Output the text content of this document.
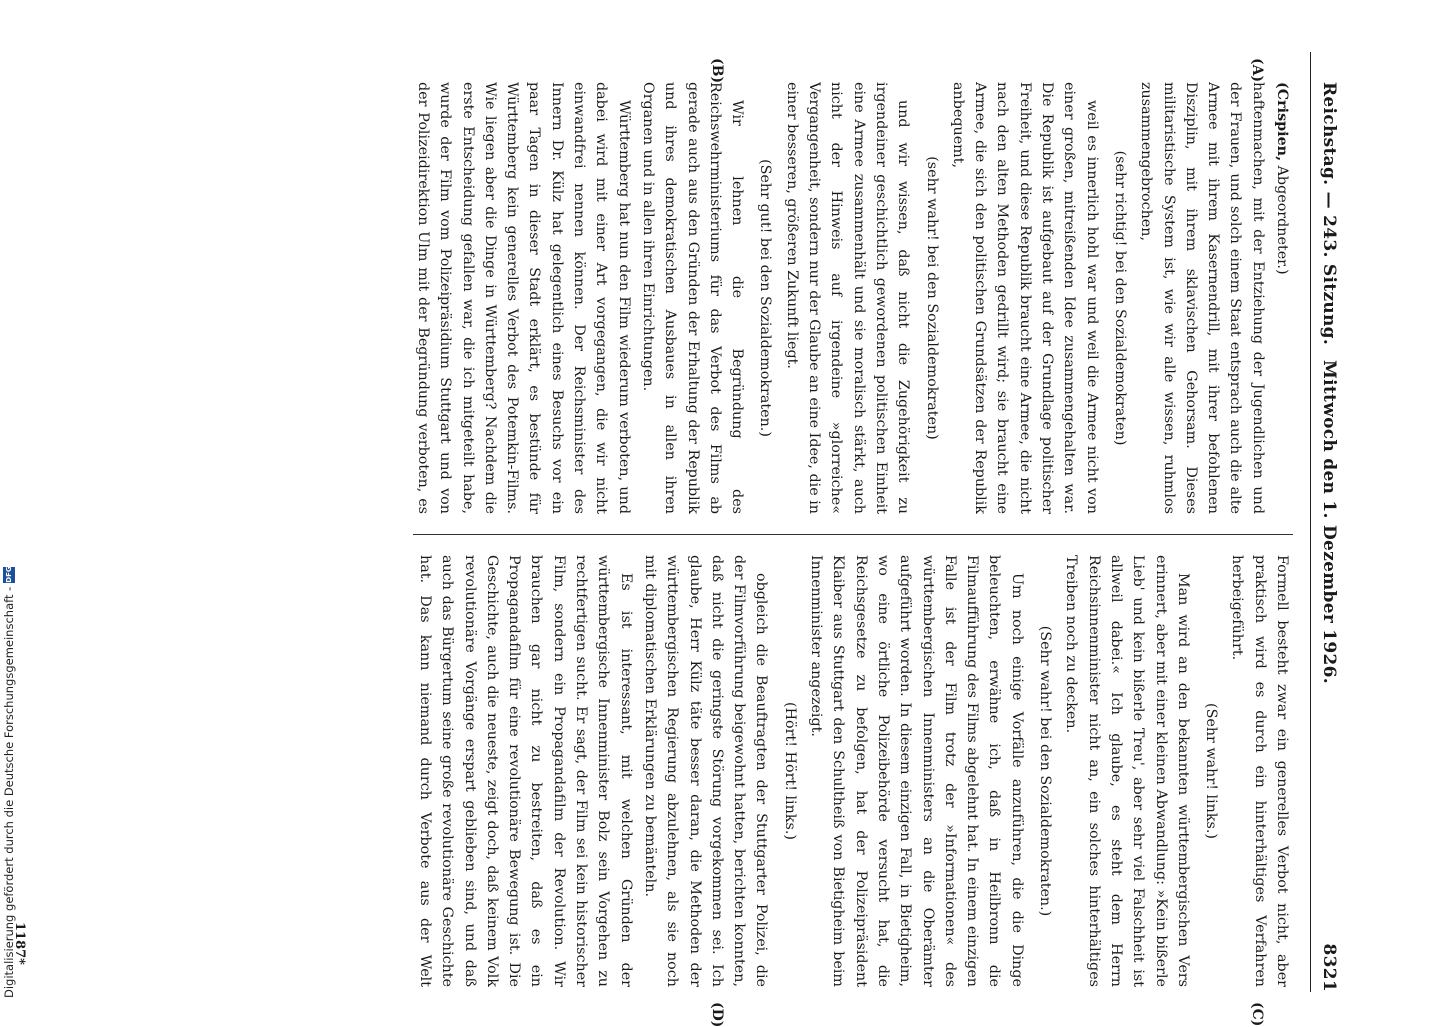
Reichstag. — 243. Sitzung.
Mittwoch den 1. Dezember 1926.
8321
(A)
(B)
(C)
(D)

(Crispien, Abgeordneter.)

haftenmachen, mit der Entziehung der Jugendlichen und der Frauen, und solch einem Staat entsprach auch die alte Armee mit ihrem Kasernendrill, mit ihrer befohlenen Disziplin, mit ihrem sklavischen Gehorsam. Dieses militaristische System ist, wie wir alle wissen, ruhmlos zusammengebrochen,

(sehr richtig! bei den Sozialdemokraten)

weil es innerlich hohl war und weil die Armee nicht von einer großen, mitreißenden Idee zusammengehalten war. Die Republik ist aufgebaut auf der Grundlage politischer Freiheit, und diese Republik braucht eine Armee, die nicht nach den alten Methoden gedrillt wird; sie braucht eine Armee, die sich den politischen Grundsätzen der Republik anbequemt,

(sehr wahr! bei den Sozialdemokraten)

und wir wissen, daß nicht die Zugehörigkeit zu irgendeiner geschichtlich gewordenen politischen Einheit eine Armee zusammenhält und sie moralisch stärkt, auch nicht der Hinweis auf irgendeine »glorreiche« Vergangenheit, sondern nur der Glaube an eine Idee, die in einer besseren, größeren Zukunft liegt.

(Sehr gut! bei den Sozialdemokraten.)

Wir lehnen die Begründung des Reichswehrministeriums für das Verbot des Films ab gerade auch aus den Gründen der Erhaltung der Republik und ihres demokratischen Ausbaues in allen ihren Organen und in allen ihren Einrichtungen.

Württemberg hat nun den Film wiederum verboten, und dabei wird mit einer Art vorgegangen, die wir nicht einwandfrei nennen können. Der Reichsminister des Innern Dr. Külz hat gelegentlich eines Besuchs vor ein paar Tagen in dieser Stadt erklärt, es bestünde für Württemberg kein generelles Verbot des Potemkin-Films. Wie liegen aber die Dinge in Württemberg? Nachdem die erste Entscheidung gefallen war, die ich mitgeteilt habe, wurde der Film vom Polizeipräsidium Stuttgart und von der Polizeidirektion Ulm mit der Begründung verboten, es

Formell besteht zwar ein generelles Verbot nicht, aber praktisch wird es durch ein hinterhältiges Verfahren herbeigeführt.

(Sehr wahr! links.)

Man wird an den bekannten württembergischen Vers erinnert, aber mit einer kleinen Abwandlung: »Kein bißerle Lieb' und kein bißerle Treu', aber sehr viel Falschheit ist allweil dabei.« Ich glaube, es steht dem Herrn Reichsinnenminister nicht an, ein solches hinterhältiges Treiben noch zu decken.

(Sehr wahr! bei den Sozialdemokraten.)

Um noch einige Vorfälle anzuführen, die die Dinge beleuchten, erwähne ich, daß in Heilbronn die Filmaufführung des Films abgelehnt hat. In einem einzigen Falle ist der Film trotz der »Informationen« des württembergischen Innenministers an die Oberämter aufgeführt worden. In diesem einzigen Fall, in Bietigheim, wo eine örtliche Polizeibehörde versucht hat, die Reichsgesetze zu befolgen, hat der Polizeipräsident Klaiber aus Stuttgart den Schultheiß von Bietigheim beim Innenminister angezeigt.

(Hört! Hört! links.)

obgleich die Beauftragten der Stuttgarter Polizei, die der Filmvorführung beigewohnt hatten, berichten konnten, daß nicht die geringste Störung vorgekommen sei. Ich glaube, Herr Külz täte besser daran, die Methoden der württembergischen Regierung abzulehnen, als sie noch mit diplomatischen Erklärungen zu bemänteln.

Es ist interessant, mit welchen Gründen der württembergische Innenminister Bolz sein Vorgehen zu rechtfertigen sucht. Er sagt, der Film sei kein historischer Film, sondern ein Propagandafilm der Revolution. Wir brauchen gar nicht zu bestreiten, daß es ein Propagandafilm für eine revolutionäre Bewegung ist. Die Geschichte, auch die neueste, zeigt doch, daß keinem Volk revolutionäre Vorgänge erspart geblieben sind, und daß auch das Bürgertum seine große revolutionäre Geschichte hat. Das kann niemand durch Verbote aus der Welt

1187*
Digitalisierung gefördert durch die Deutsche Forschungsgemeinschaft -
DFG
